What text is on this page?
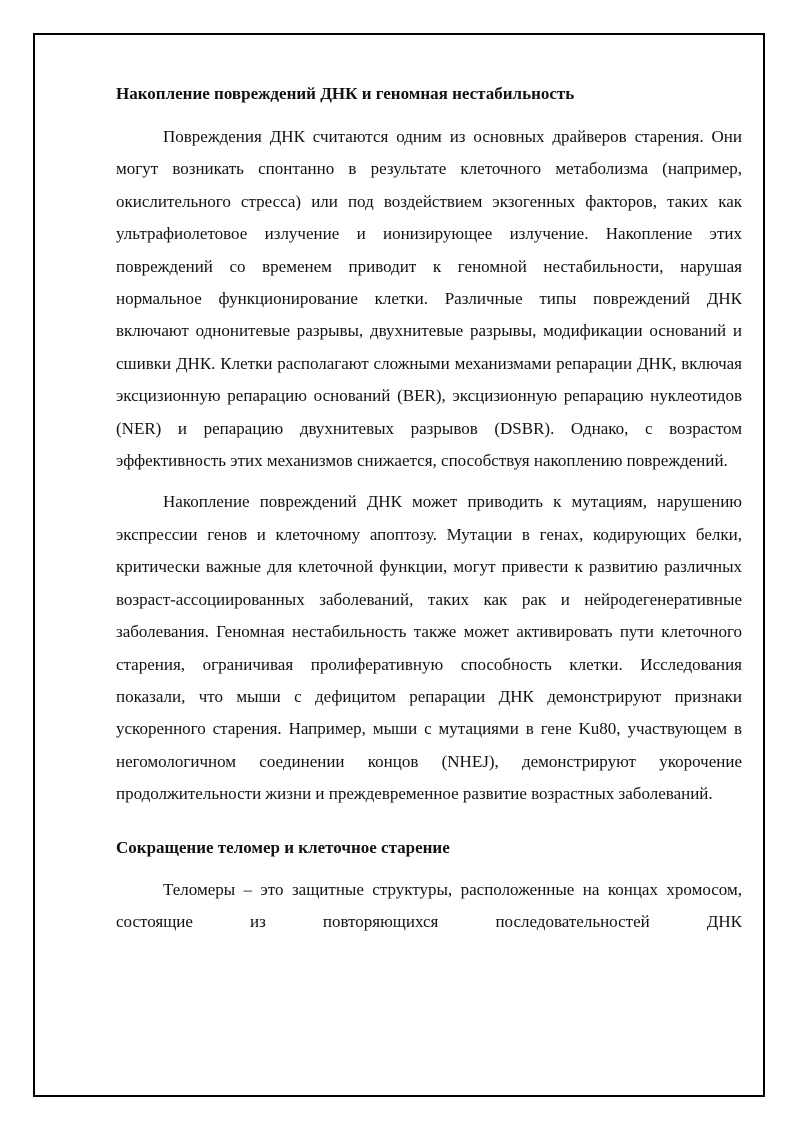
Накопление повреждений ДНК и геномная нестабильность

Повреждения ДНК считаются одним из основных драйверов старения. Они могут возникать спонтанно в результате клеточного метаболизма (например, окислительного стресса) или под воздействием экзогенных факторов, таких как ультрафиолетовое излучение и ионизирующее излучение. Накопление этих повреждений со временем приводит к геномной нестабильности, нарушая нормальное функционирование клетки. Различные типы повреждений ДНК включают однонитевые разрывы, двухнитевые разрывы, модификации оснований и сшивки ДНК. Клетки располагают сложными механизмами репарации ДНК, включая эксцизионную репарацию оснований (BER), эксцизионную репарацию нуклеотидов (NER) и репарацию двухнитевых разрывов (DSBR). Однако, с возрастом эффективность этих механизмов снижается, способствуя накоплению повреждений.

Накопление повреждений ДНК может приводить к мутациям, нарушению экспрессии генов и клеточному апоптозу. Мутации в генах, кодирующих белки, критически важные для клеточной функции, могут привести к развитию различных возраст-ассоциированных заболеваний, таких как рак и нейродегенеративные заболевания. Геномная нестабильность также может активировать пути клеточного старения, ограничивая пролиферативную способность клетки. Исследования показали, что мыши с дефицитом репарации ДНК демонстрируют признаки ускоренного старения. Например, мыши с мутациями в гене Ku80, участвующем в негомологичном соединении концов (NHEJ), демонстрируют укорочение продолжительности жизни и преждевременное развитие возрастных заболеваний.

Сокращение теломер и клеточное старение

Теломеры – это защитные структуры, расположенные на концах хромосом, состоящие из повторяющихся последовательностей ДНК
